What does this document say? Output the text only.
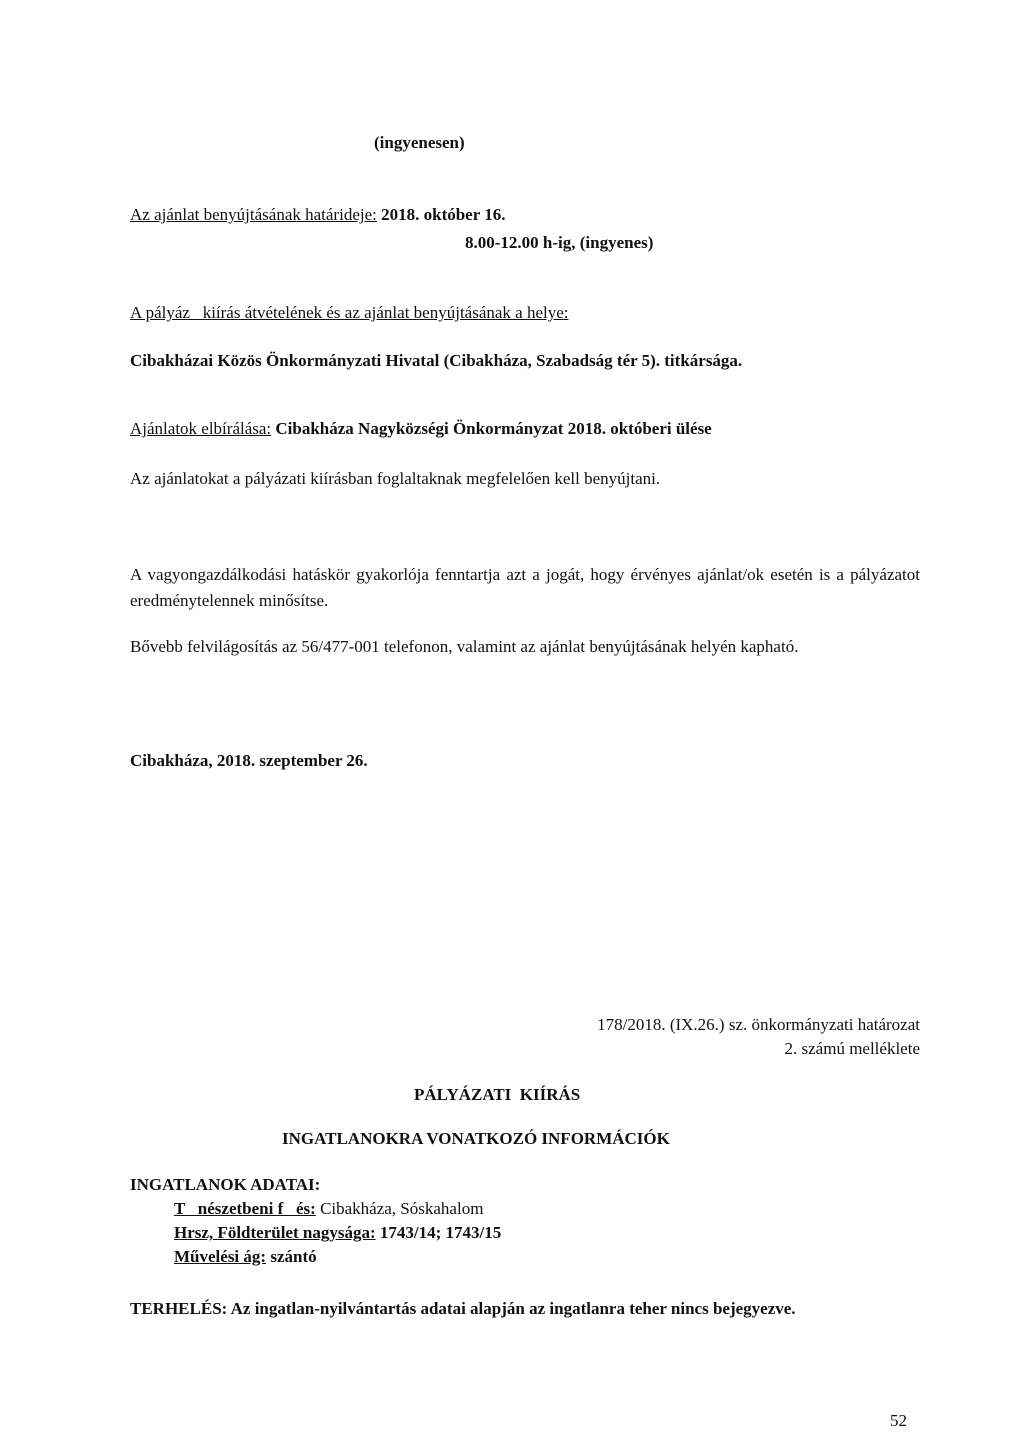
(ingyenesen)
Az ajánlat benyújtásának határideje: 2018. október 16.
8.00-12.00 h-ig, (ingyenes)
A pályáz   kiírás átvételének és az ajánlat benyújtásának a helye:
Cibakházai Közös Önkormányzati Hivatal (Cibakháza, Szabadság tér 5). titkársága.
Ajánlatok elbírálása: Cibakháza Nagyközségi Önkormányzat 2018. októberi ülése
Az ajánlatokat a pályázati kiírásban foglaltaknak megfelelően kell benyújtani.
A vagyongazdálkodási hatáskör gyakorlója fenntartja azt a jogát, hogy érvényes ajánlat/ok esetén is a pályázatot eredménytelennek minősítse.
Bővebb felvilágosítás az 56/477-001 telefonon, valamint az ajánlat benyújtásának helyén kapható.
Cibakháza, 2018. szeptember 26.
178/2018. (IX.26.) sz. önkormányzati határozat
2. számú melléklete
PÁLYÁZATI  KIÍRÁS
INGATLANOKRA VONATKOZÓ INFORMÁCIÓK
INGATLANOK ADATAI:
T   nészetbeni f   és: Cibakháza, Sóskahalom
Hrsz, Földterület nagysága: 1743/14; 1743/15
Művelési ág: szántó
TERHELÉS: Az ingatlan-nyilvántartás adatai alapján az ingatlanra teher nincs bejegyezve.
52
